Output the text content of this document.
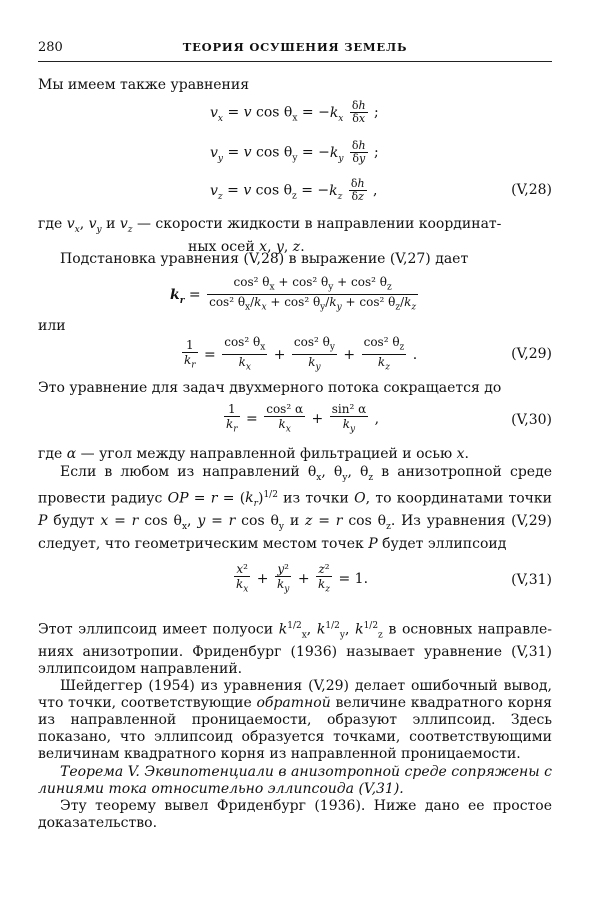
280	ТЕОРИЯ ОСУШЕНИЯ ЗЕМЕЛЬ
Мы имеем также уравнения
$v_x = v$ $\cos \theta_x = -k_x \frac{\delta h}{\delta x}$ ;
$v_y = v$ $\cos \theta_y = -k_y \frac{\delta h}{\delta y}$ ;
$v_z = v$ $\cos \theta_z = -k_z \frac{\delta h}{\delta z}$ ,	(V,28)
где $v_x$, $v_y$ и $v_z$ — скорости жидкости в направлении координат-
ных осей x, y, z.
Подстановка уравнения (V,28) в выражение (V,27) дает
$k_r = \frac{\cos^2 \theta_x + \cos^2 \theta_y + \cos^2 \theta_z}{\cos^2 \theta_x/k_x + \cos^2 \theta_y/k_y + \cos^2 \theta_z/k_z}$
или
$\frac{1}{k_r} = \frac{\cos^2 \theta_x}{k_x} + \frac{\cos^2 \theta_y}{k_y} + \frac{\cos^2 \theta_z}{k_z}$ .	(V,29)
Это уравнение для задач двухмерного потока сокращается до
$\frac{1}{k_r} = \frac{\text{cos² α}}{k_x} + \frac{\text{sin² α}}{k_y}$ ,	(V,30)
где α — угол между направленной фильтрацией и осью x.
Если в любом из направлений $\theta_x$, $\theta_y$, $\theta_z$ в анизотропной среде провести радиус OP = $r = (k_r)^{1/2}$ из точки O, то координатами точки P будут x = r $\cos \theta_x$, y = r $\cos \theta_y$ и z = r $\cos \theta_z$. Из уравнения (V,29) следует, что геометрическим местом точек P будет эллипсоид
$\frac{\text{x²}}{k_x} + \frac{\text{y²}}{k_y} + \frac{\text{z²}}{k_z} = 1$.	(V,31)
Этот эллипсоид имеет полуоси $k^{1/2}_x$, $k^{1/2}_y$, $k^{1/2}_z$ в основных направлениях анизотропии. Фриденбург (1936) называет уравнение (V,31) эллипсоидом направлений.
Шейдеггер (1954) из уравнения (V,29) делает ошибочный вывод, что точки, соответствующие обратной величине квадратного корня из направленной проницаемости, образуют эллипсоид. Здесь показано, что эллипсоид образуется точками, соответствующими величинам квадратного корня из направленной проницаемости.
Теорема V. Эквипотенциали в анизотропной среде сопряжены с линиями тока относительно эллипсоида (V,31).
Эту теорему вывел Фриденбург (1936). Ниже дано ее простое доказательство.
